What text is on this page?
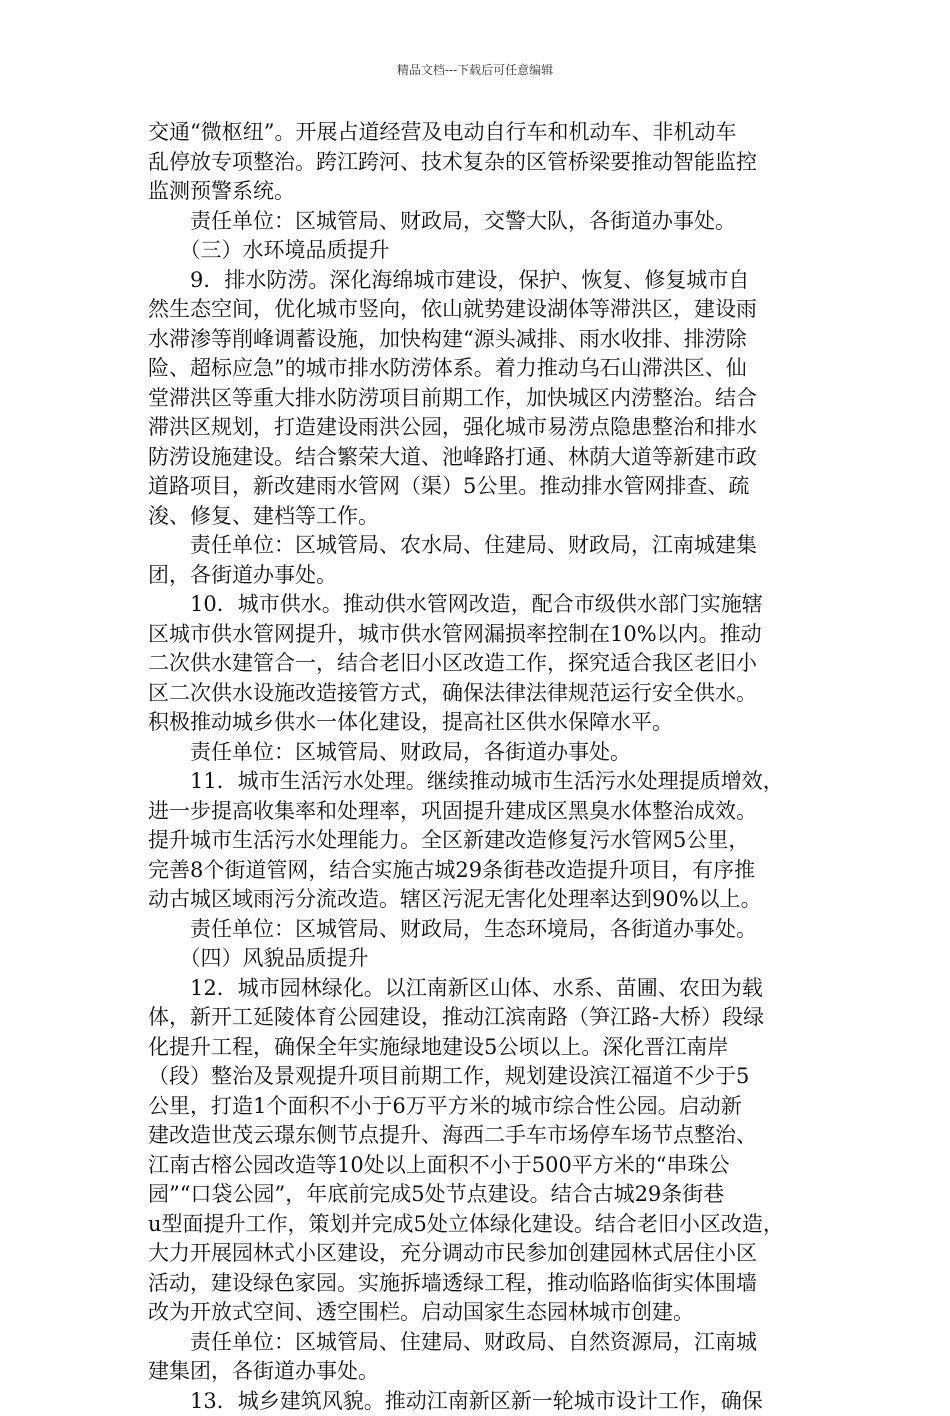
精品文档---下载后可任意编辑
交通“微枢纽”。开展占道经营及电动自行车和机动车、非机动车
乱停放专项整治。跨江跨河、技术复杂的区管桥梁要推动智能监控
监测预警系统。
　　责任单位：区城管局、财政局，交警大队，各街道办事处。
　　（三）水环境品质提升
　　9．排水防涝。深化海绵城市建设，保护、恢复、修复城市自
然生态空间，优化城市竖向，依山就势建设湖体等滞洪区，建设雨
水滞渗等削峰调蓄设施，加快构建“源头减排、雨水收排、排涝除
险、超标应急”的城市排水防涝体系。着力推动乌石山滞洪区、仙
堂滞洪区等重大排水防涝项目前期工作，加快城区内涝整治。结合
滞洪区规划，打造建设雨洪公园，强化城市易涝点隐患整治和排水
防涝设施建设。结合繁荣大道、池峰路打通、林荫大道等新建市政
道路项目，新改建雨水管网（渠）5公里。推动排水管网排查、疏
浚、修复、建档等工作。
　　责任单位：区城管局、农水局、住建局、财政局，江南城建集
团，各街道办事处。
　　10．城市供水。推动供水管网改造，配合市级供水部门实施辖
区城市供水管网提升，城市供水管网漏损率控制在10%以内。推动
二次供水建管合一，结合老旧小区改造工作，探究适合我区老旧小
区二次供水设施改造接管方式，确保法律法律规范运行安全供水。
积极推动城乡供水一体化建设，提高社区供水保障水平。
　　责任单位：区城管局、财政局，各街道办事处。
　　11．城市生活污水处理。继续推动城市生活污水处理提质增效，
进一步提高收集率和处理率，巩固提升建成区黑臭水体整治成效。
提升城市生活污水处理能力。全区新建改造修复污水管网5公里，
完善8个街道管网，结合实施古城29条街巷改造提升项目，有序推
动古城区域雨污分流改造。辖区污泥无害化处理率达到90%以上。
　　责任单位：区城管局、财政局，生态环境局，各街道办事处。
　　（四）风貌品质提升
　　12．城市园林绿化。以江南新区山体、水系、苗圃、农田为载
体，新开工延陵体育公园建设，推动江滨南路（笋江路-大桥）段绿
化提升工程，确保全年实施绿地建设5公顷以上。深化晋江南岸
（段）整治及景观提升项目前期工作，规划建设滨江福道不少于5
公里，打造1个面积不小于6万平方米的城市综合性公园。启动新
建改造世茂云璟东侧节点提升、海西二手车市场停车场节点整治、
江南古榕公园改造等10处以上面积不小于500平方米的“串珠公
园”“口袋公园”，年底前完成5处节点建设。结合古城29条街巷
u型面提升工作，策划并完成5处立体绿化建设。结合老旧小区改造，
大力开展园林式小区建设，充分调动市民参加创建园林式居住小区
活动，建设绿色家园。实施拆墙透绿工程，推动临路临街实体围墙
改为开放式空间、透空围栏。启动国家生态园林城市创建。
　　责任单位：区城管局、住建局、财政局、自然资源局，江南城
建集团，各街道办事处。
　　13．城乡建筑风貌。推动江南新区新一轮城市设计工作，确保
